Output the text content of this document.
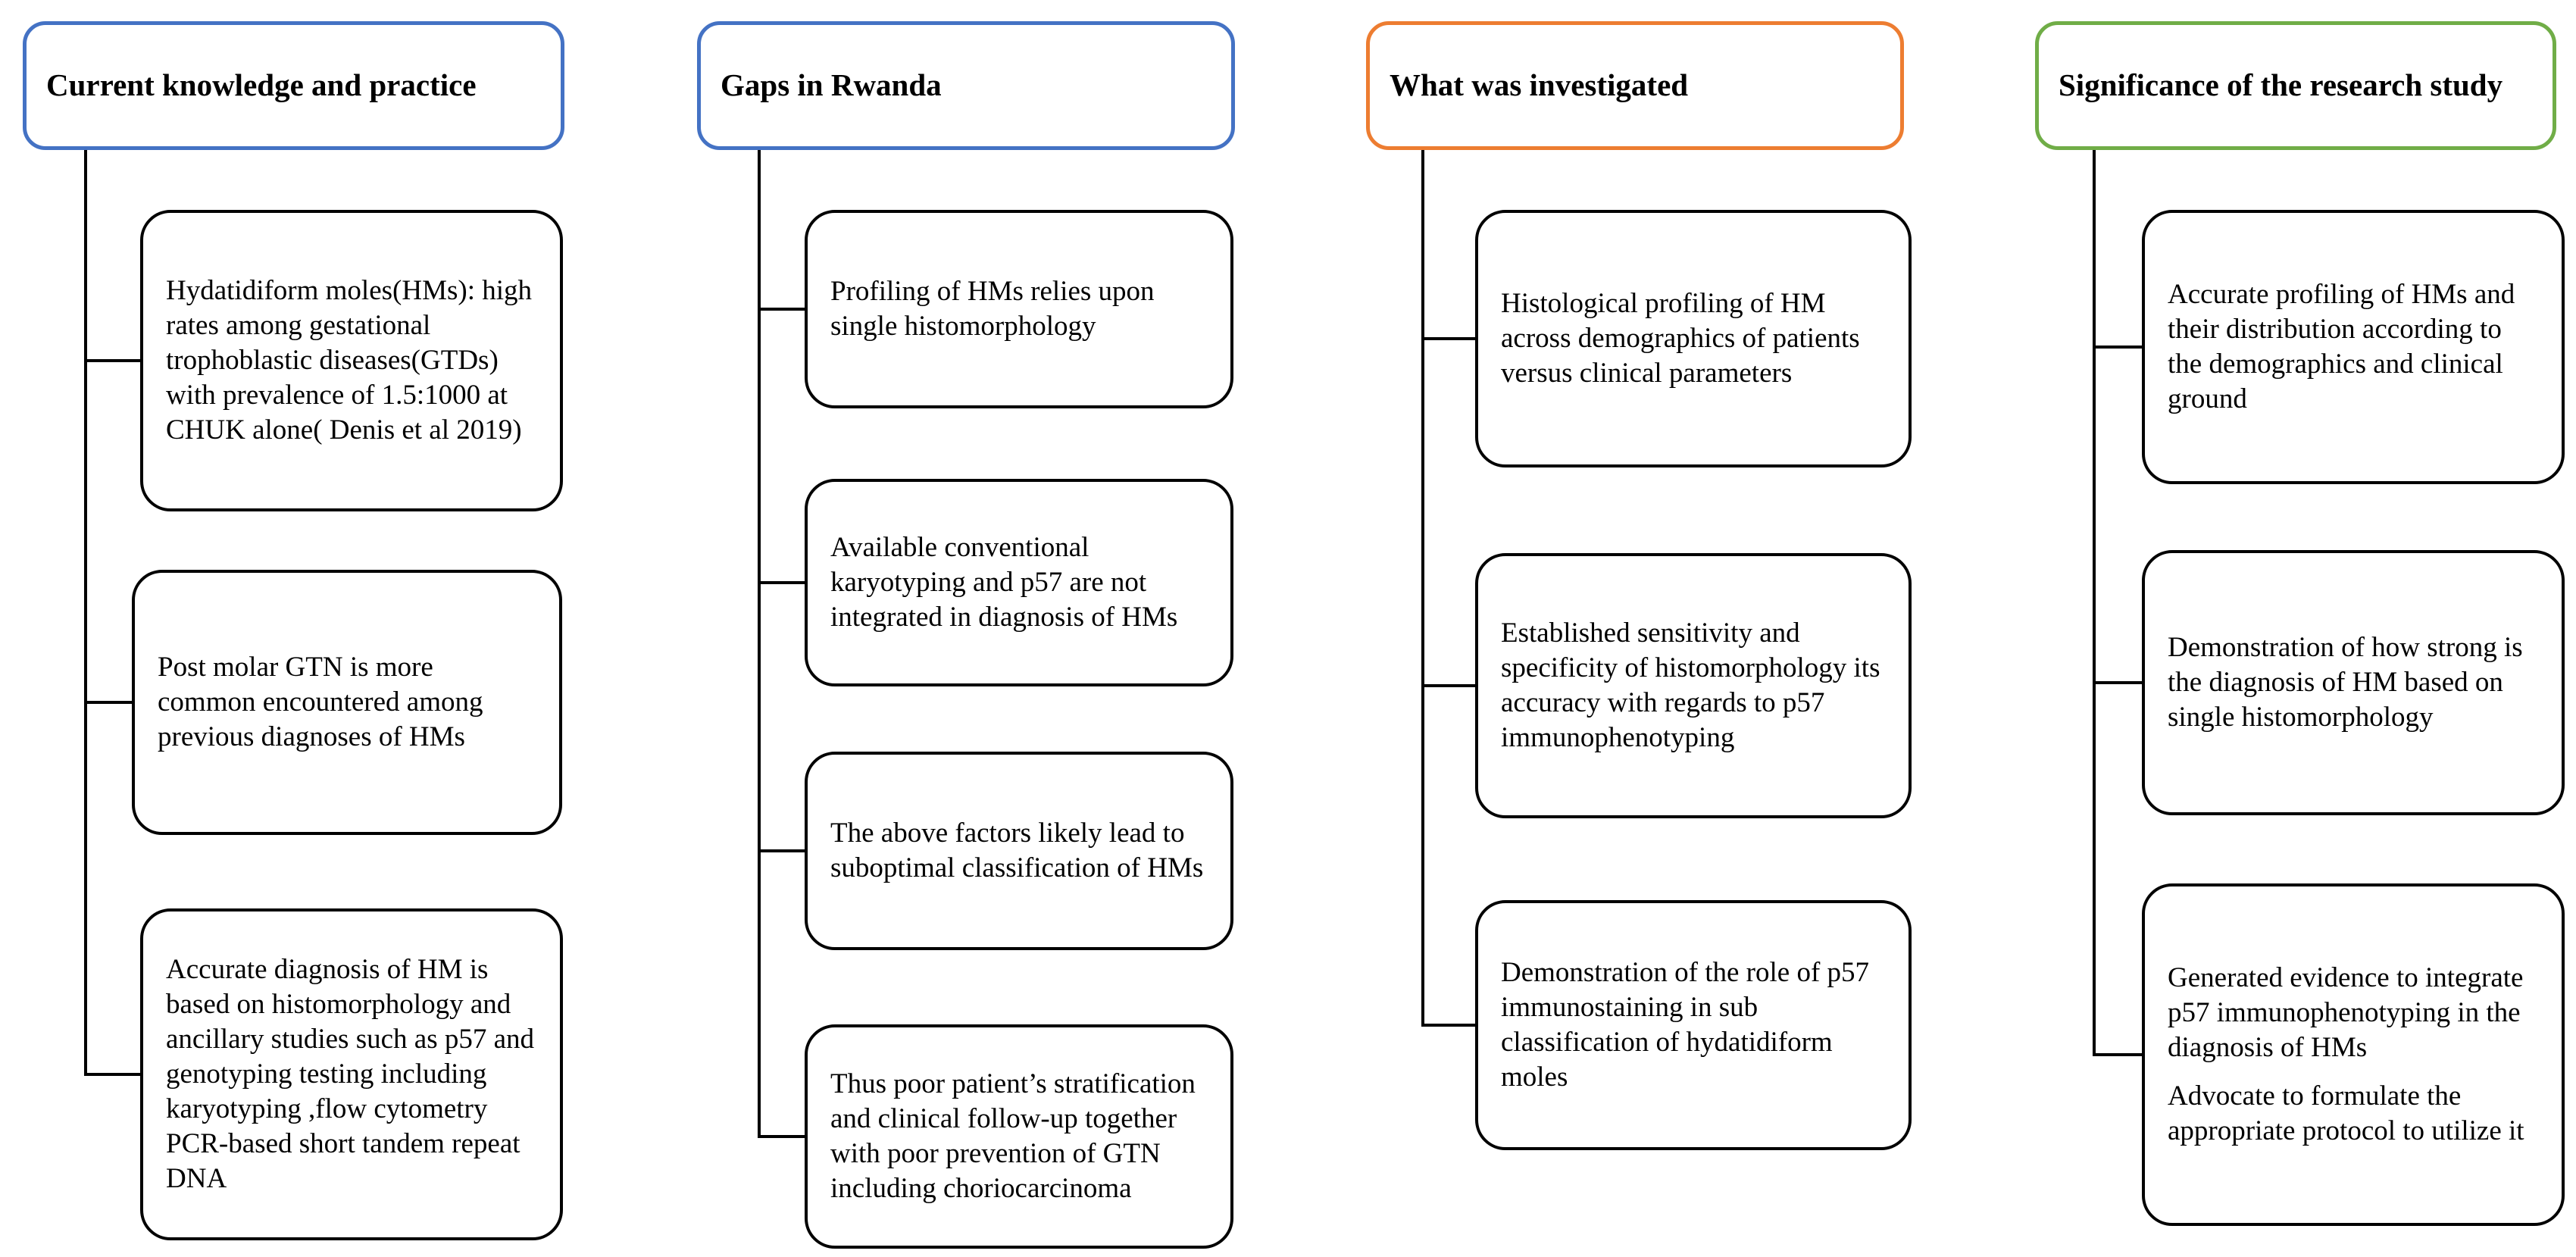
Current knowledge and practice
Hydatidiform moles(HMs): high rates among gestational trophoblastic diseases(GTDs) with prevalence of 1.5:1000 at CHUK alone( Denis et al 2019)
Post molar GTN is more common encountered among previous diagnoses of HMs
Accurate diagnosis of HM is based on histomorphology and ancillary studies such as p57 and genotyping testing including karyotyping ,flow cytometry PCR-based short tandem repeat DNA
Gaps in Rwanda
Profiling of HMs relies upon single histomorphology
Available conventional karyotyping and p57 are not integrated in diagnosis of HMs
The above factors likely lead to suboptimal classification of HMs
Thus poor patient’s stratification and clinical follow-up together with poor prevention of GTN including choriocarcinoma
What was investigated
Histological profiling of HM across demographics of patients versus clinical parameters
Established sensitivity and specificity of histomorphology its accuracy with regards to p57 immunophenotyping
Demonstration of the role of p57 immunostaining in sub classification of hydatidiform moles
Significance of the research study
Accurate profiling of HMs and their distribution according to the demographics and clinical ground
Demonstration of how strong is the diagnosis of HM based on single histomorphology
Generated evidence to integrate p57 immunophenotyping in the diagnosis of HMs
Advocate to formulate the appropriate protocol to utilize it
